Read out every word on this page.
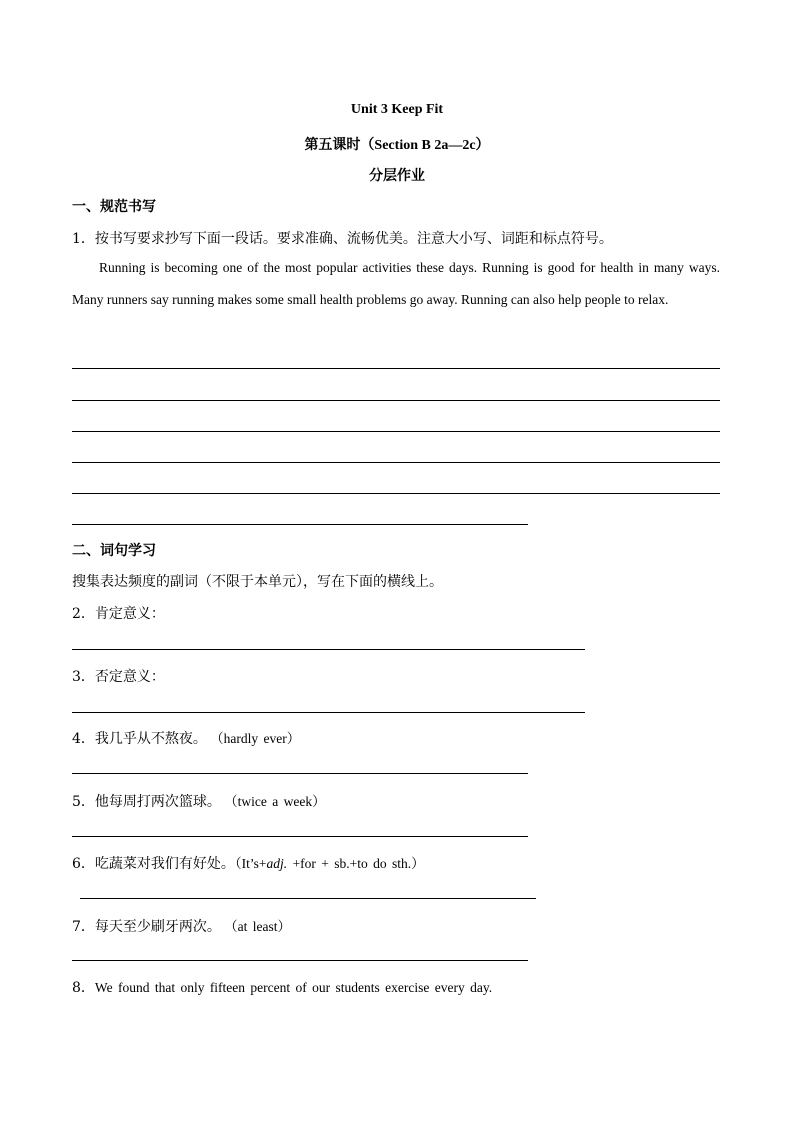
Unit 3 Keep Fit
第五课时（Section B 2a—2c）
分层作业
一、规范书写
1．按书写要求抄写下面一段话。要求准确、流畅优美。注意大小写、词距和标点符号。
Running is becoming one of the most popular activities these days. Running is good for health in many ways. Many runners say running makes some small health problems go away. Running can also help people to relax.
二、词句学习
搜集表达频度的副词（不限于本单元），写在下面的横线上。
2．肯定意义：
3．否定意义：
4．我几乎从不熬夜。 （hardly ever）
5．他每周打两次篮球。 （twice a week）
6．吃蔬菜对我们有好处。（It’s+adj. +for + sb.+to do sth.）
7．每天至少刷牙两次。 （at least）
8．We found that only fifteen percent of our students exercise every day.
